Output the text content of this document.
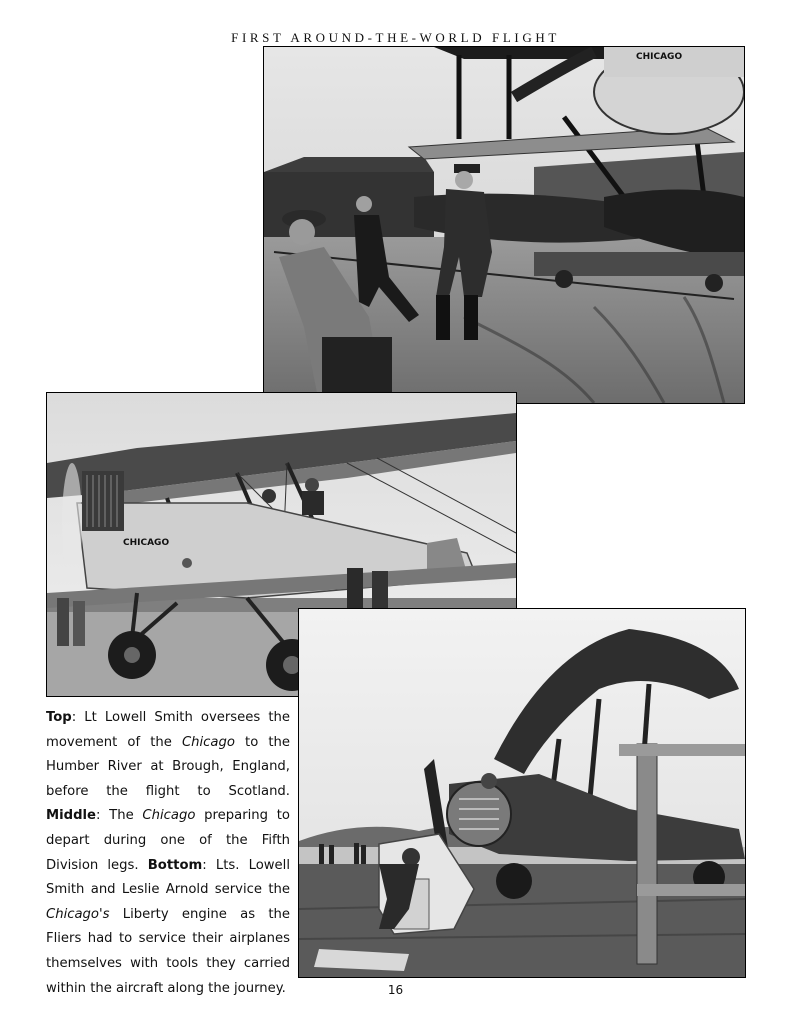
FIRST AROUND-THE-WORLD FLIGHT
CHICAGO
CHICAGO
Top: Lt Lowell Smith oversees the movement of the Chicago to the Humber River at Brough, England, before the flight to Scotland. Middle: The Chicago preparing to depart during one of the Fifth Division legs. Bottom: Lts. Lowell Smith and Leslie Arnold service the Chicago's Liberty engine as the Fliers had to service their airplanes themselves with tools they carried within the aircraft along the journey.	16
